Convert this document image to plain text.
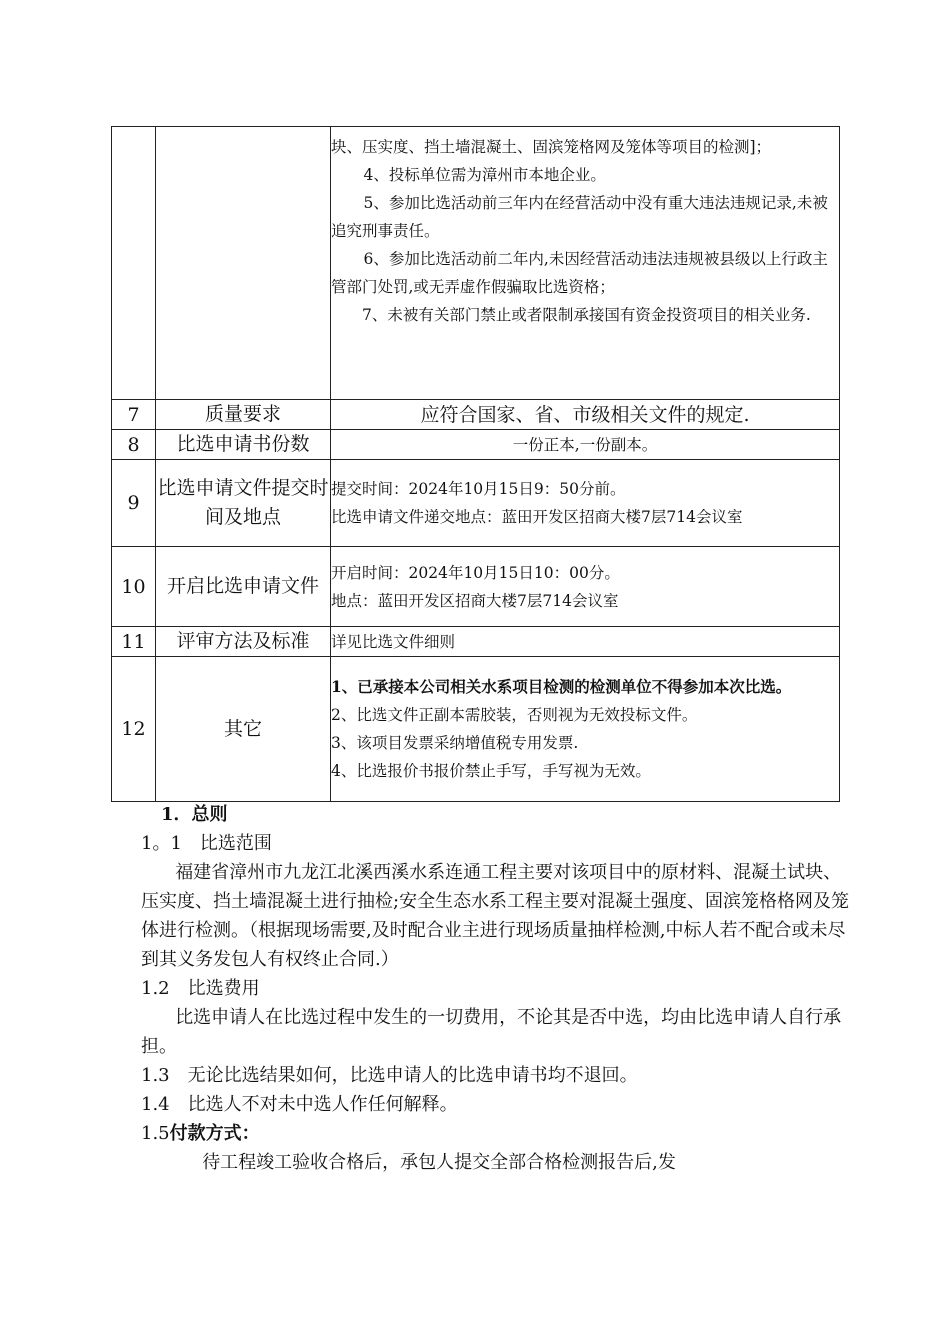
		块、压实度、挡土墙混凝土、固滨笼格网及笼体等项目的检测]；

4、投标单位需为漳州市本地企业。

5、参加比选活动前三年内在经营活动中没有重大违法违规记录,未被追究刑事责任。

6、参加比选活动前二年内,未因经营活动违法违规被县级以上行政主管部门处罚,或无弄虚作假骗取比选资格；

7、未被有关部门禁止或者限制承接国有资金投资项目的相关业务.

7	质量要求	应符合国家、省、市级相关文件的规定.

8	比选申请书份数	一份正本,一份副本。

9	比选申请文件提交时间及地点	提交时间：2024年10月15日9：50分前。

比选申请文件递交地点：蓝田开发区招商大楼7层714会议室

10	开启比选申请文件	开启时间：2024年10月15日10：00分。

地点：蓝田开发区招商大楼7层714会议室

11	评审方法及标准	详见比选文件细则

12	其它	1、已承接本公司相关水系项目检测的检测单位不得参加本次比选。

2、比选文件正副本需胶装，否则视为无效投标文件。

3、该项目发票采纳增值税专用发票.

4、比选报价书报价禁止手写，手写视为无效。

1．总则

1。1　比选范围

福建省漳州市九龙江北溪西溪水系连通工程主要对该项目中的原材料、混凝土试块、压实度、挡土墙混凝土进行抽检;安全生态水系工程主要对混凝土强度、固滨笼格格网及笼体进行检测。（根据现场需要,及时配合业主进行现场质量抽样检测,中标人若不配合或未尽到其义务发包人有权终止合同.）

1.2　比选费用

比选申请人在比选过程中发生的一切费用，不论其是否中选，均由比选申请人自行承担。

1.3　无论比选结果如何，比选申请人的比选申请书均不退回。

1.4　比选人不对未中选人作任何解释。

1.5付款方式：

待工程竣工验收合格后，承包人提交全部合格检测报告后,发
